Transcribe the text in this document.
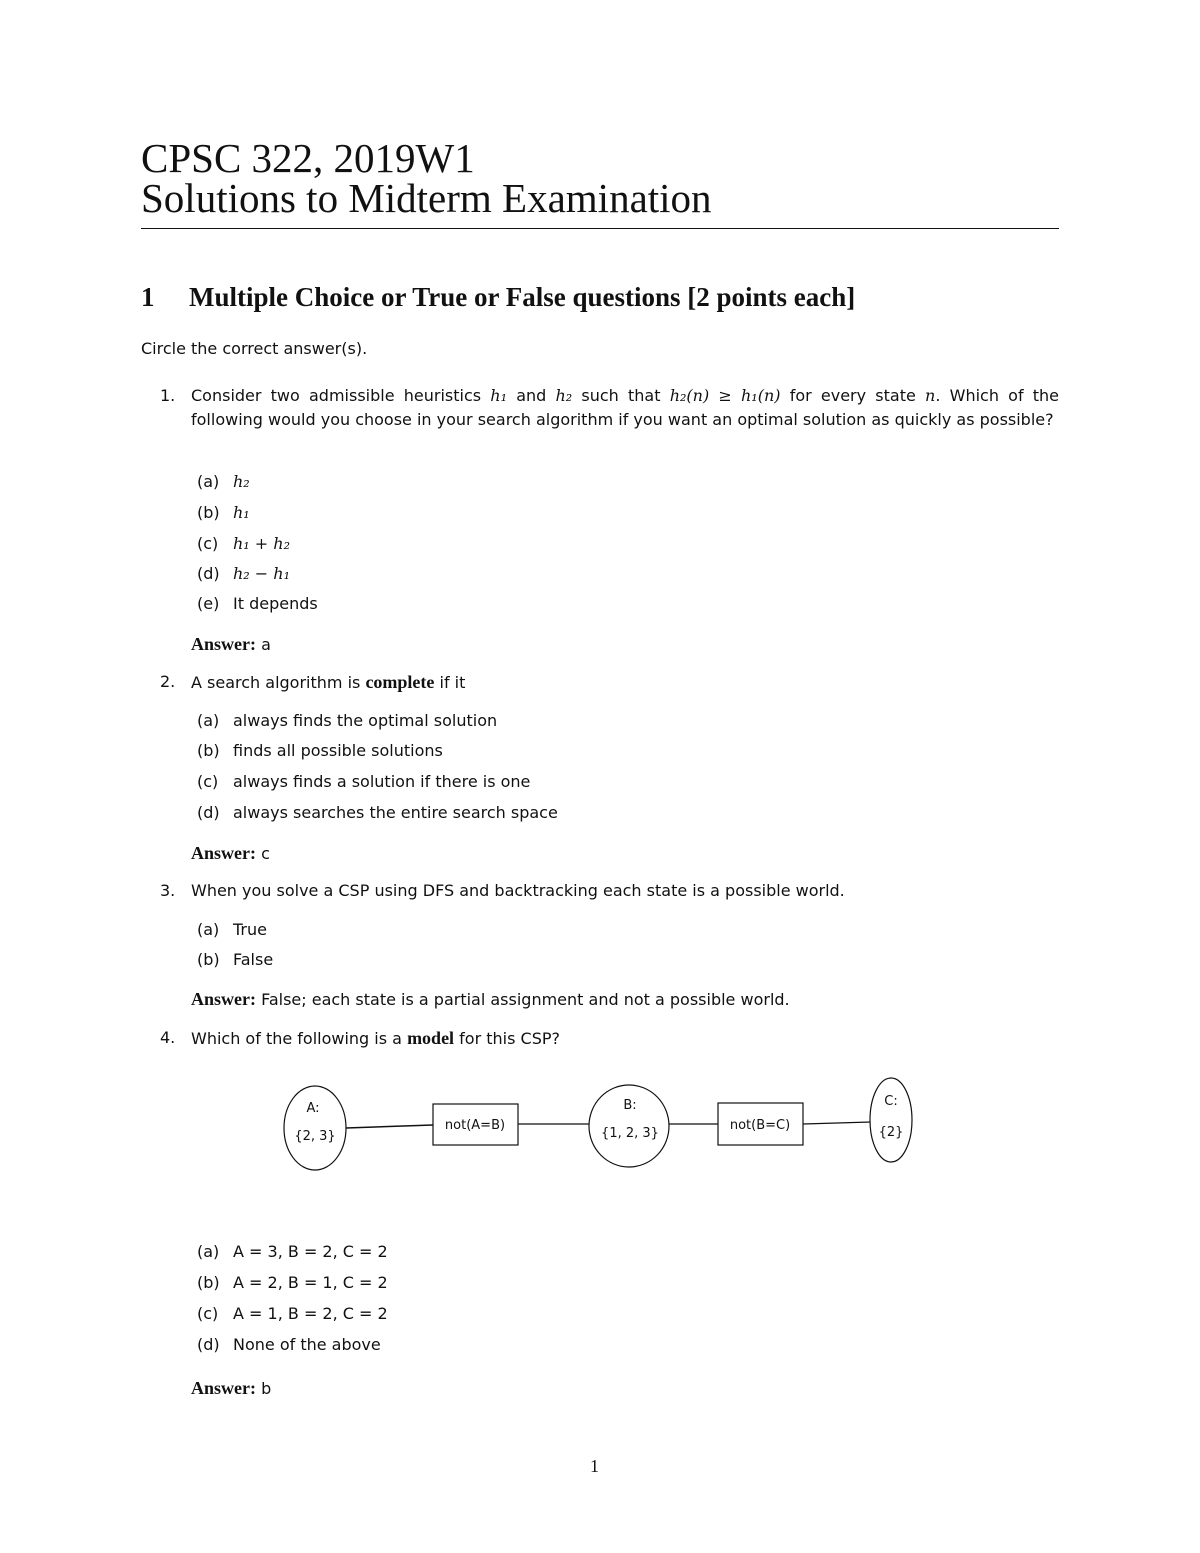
CPSC 322, 2019W1
Solutions to Midterm Examination
1 Multiple Choice or True or False questions [2 points each]
Circle the correct answer(s).
1. Consider two admissible heuristics h₁ and h₂ such that h₂(n) ≥ h₁(n) for every state n. Which of the following would you choose in your search algorithm if you want an optimal solution as quickly as possible?
(a) h₂
(b) h₁
(c) h₁ + h₂
(d) h₂ − h₁
(e) It depends
Answer: a
2. A search algorithm is complete if it
(a) always finds the optimal solution
(b) finds all possible solutions
(c) always finds a solution if there is one
(d) always searches the entire search space
Answer: c
3. When you solve a CSP using DFS and backtracking each state is a possible world.
(a) True
(b) False
Answer: False; each state is a partial assignment and not a possible world.
4. Which of the following is a model for this CSP?
A:
{2, 3}
not(A=B)
B:
{1, 2, 3}
not(B=C)
C:
{2}
(a) A = 3, B = 2, C = 2
(b) A = 2, B = 1, C = 2
(c) A = 1, B = 2, C = 2
(d) None of the above
Answer: b
1
